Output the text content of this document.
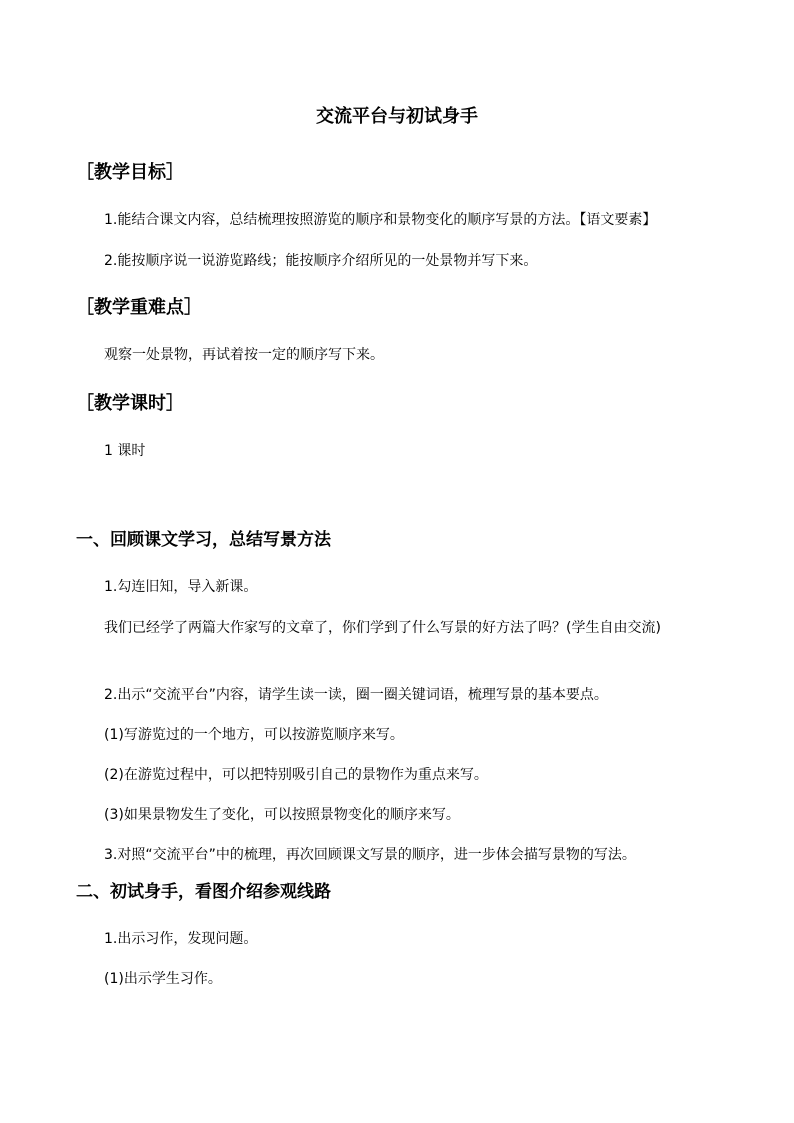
交流平台与初试身手
［教学目标］
1.能结合课文内容，总结梳理按照游览的顺序和景物变化的顺序写景的方法。【语文要素】
2.能按顺序说一说游览路线；能按顺序介绍所见的一处景物并写下来。
［教学重难点］
观察一处景物，再试着按一定的顺序写下来。
［教学课时］
1 课时
一、回顾课文学习，总结写景方法
1.勾连旧知，导入新课。
我们已经学了两篇大作家写的文章了，你们学到了什么写景的好方法了吗？(学生自由交流)
2.出示“交流平台”内容，请学生读一读，圈一圈关键词语，梳理写景的基本要点。
(1)写游览过的一个地方，可以按游览顺序来写。
(2)在游览过程中，可以把特别吸引自己的景物作为重点来写。
(3)如果景物发生了变化，可以按照景物变化的顺序来写。
3.对照“交流平台”中的梳理，再次回顾课文写景的顺序，进一步体会描写景物的写法。
二、初试身手，看图介绍参观线路
1.出示习作，发现问题。
(1)出示学生习作。
